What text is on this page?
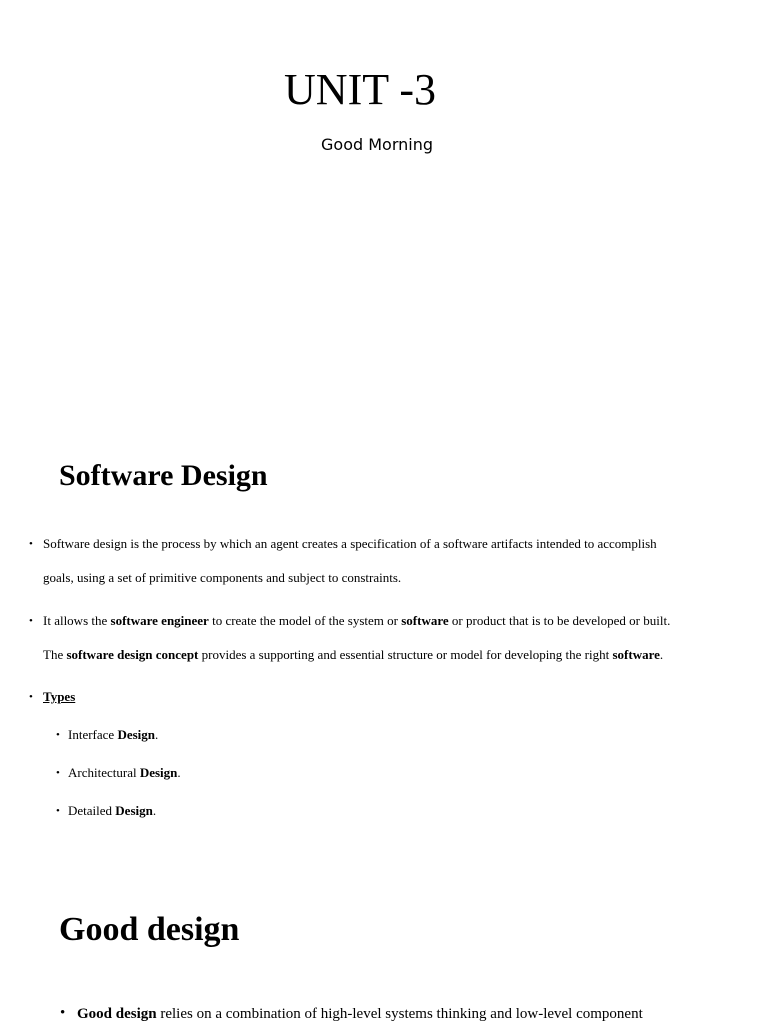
UNIT -3
Good Morning
Software Design
• Software design is the process by which an agent creates a specification of a software artifacts intended to accomplish
goals, using a set of primitive components and subject to constraints.
• It allows the software engineer to create the model of the system or software or product that is to be developed or built.
The software design concept provides a supporting and essential structure or model for developing the right software.
• Types
• Interface Design.
• Architectural Design.
• Detailed Design.
Good design
• Good design relies on a combination of high-level systems thinking and low-level component
